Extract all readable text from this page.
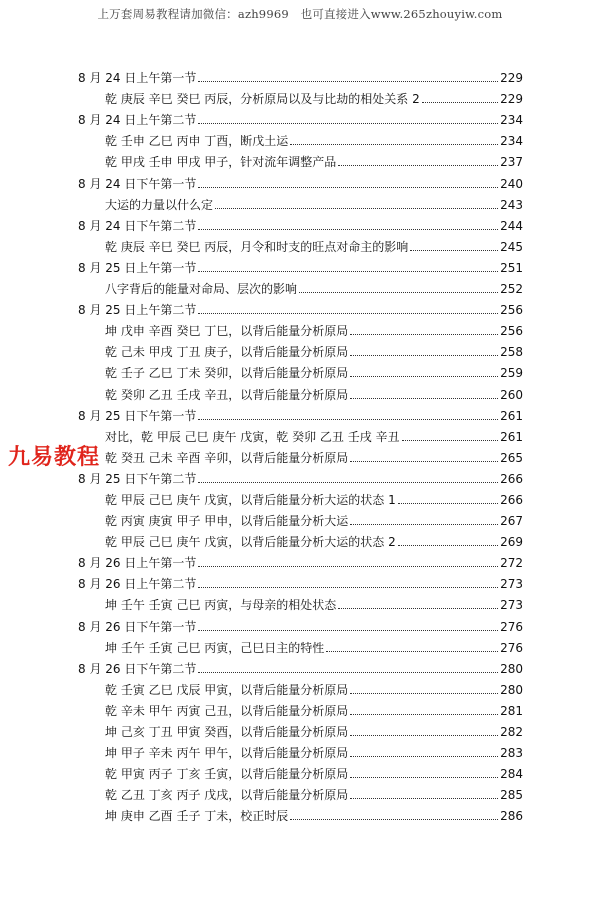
上万套周易教程请加微信：azh9969　也可直接进入www.265zhouyiw.com
8 月 24 日上午第一节	229
乾 庚辰 辛巳 癸巳 丙辰，分析原局以及与比劫的相处关系 2	229
8 月 24 日上午第二节	234
乾 壬申 乙巳 丙申 丁酉，断戊土运	234
乾 甲戌 壬申 甲戌 甲子，针对流年调整产品	237
8 月 24 日下午第一节	240
大运的力量以什么定	243
8 月 24 日下午第二节	244
乾 庚辰 辛巳 癸巳 丙辰，月令和时支的旺点对命主的影响	245
8 月 25 日上午第一节	251
八字背后的能量对命局、层次的影响	252
8 月 25 日上午第二节	256
坤 戊申 辛酉 癸巳 丁巳，以背后能量分析原局	256
乾 己未 甲戌 丁丑 庚子，以背后能量分析原局	258
乾 壬子 乙巳 丁未 癸卯，以背后能量分析原局	259
乾 癸卯 乙丑 壬戌 辛丑，以背后能量分析原局	260
8 月 25 日下午第一节	261
对比，乾 甲辰 己巳 庚午 戊寅，乾 癸卯 乙丑 壬戌 辛丑	261
乾 癸丑 己未 辛酉 辛卯，以背后能量分析原局	265
8 月 25 日下午第二节	266
乾 甲辰 己巳 庚午 戊寅，以背后能量分析大运的状态 1	266
乾 丙寅 庚寅 甲子 甲申，以背后能量分析大运	267
乾 甲辰 己巳 庚午 戊寅，以背后能量分析大运的状态 2	269
8 月 26 日上午第一节	272
8 月 26 日上午第二节	273
坤 壬午 壬寅 己巳 丙寅，与母亲的相处状态	273
8 月 26 日下午第一节	276
坤 壬午 壬寅 己巳 丙寅，己巳日主的特性	276
8 月 26 日下午第二节	280
乾 壬寅 乙巳 戊辰 甲寅，以背后能量分析原局	280
乾 辛未 甲午 丙寅 己丑，以背后能量分析原局	281
坤 己亥 丁丑 甲寅 癸酉，以背后能量分析原局	282
坤 甲子 辛未 丙午 甲午，以背后能量分析原局	283
乾 甲寅 丙子 丁亥 壬寅，以背后能量分析原局	284
乾 乙丑 丁亥 丙子 戊戌，以背后能量分析原局	285
坤 庚申 乙酉 壬子 丁未，校正时辰	286
九易教程
